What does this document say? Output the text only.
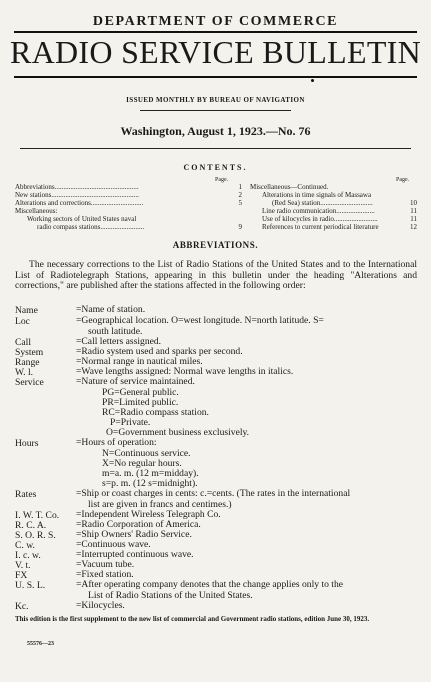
DEPARTMENT OF COMMERCE
RADIO SERVICE BULLETIN
ISSUED MONTHLY BY BUREAU OF NAVIGATION
Washington, August 1, 1923.—No. 76
CONTENTS.
Page.
Abbreviations................................................	1
New stations..................................................	2
Alterations and corrections..............................	5
Miscellaneous:
Working sectors of United States naval
radio compass stations.........................	9
Page.
Miscellaneous—Continued.
Alterations in time signals of Massawa
(Red Sea) station..............................	10
Line radio communication......................	11
Use of kilocycles in radio.........................	11
References to current periodical literature	12
ABBREVIATIONS.
The necessary corrections to the List of Radio Stations of the United States and to the International List of Radiotelegraph Stations, appearing in this bulletin under the heading "Alterations and corrections," are published after the stations affected in the following order:
Name	=Name of station.
Loc	=Geographical location. O=west longitude. N=north latitude. S=
south latitude.
Call	=Call letters assigned.
System	=Radio system used and sparks per second.
Range	=Normal range in nautical miles.
W. l.	=Wave lengths assigned: Normal wave lengths in italics.
Service	=Nature of service maintained.
PG=General public.
PR=Limited public.
RC=Radio compass station.
P=Private.
O=Government business exclusively.
Hours	=Hours of operation:
N=Continuous service.
X=No regular hours.
m=a. m. (12 m=midday).
s=p. m. (12 s=midnight).
Rates	=Ship or coast charges in cents: c.=cents. (The rates in the international
list are given in francs and centimes.)
I. W. T. Co. =Independent Wireless Telegraph Co.
R. C. A.	=Radio Corporation of America.
S. O. R. S. =Ship Owners' Radio Service.
C. w.	=Continuous wave.
I. c. w.	=Interrupted continuous wave.
V. t.	=Vacuum tube.
FX	=Fixed station.
U. S. L.	=After operating company denotes that the change applies only to the
List of Radio Stations of the United States.
Kc.	=Kilocycles.
This edition is the first supplement to the new list of commercial and Government radio stations, edition June 30, 1923.
55576—23
